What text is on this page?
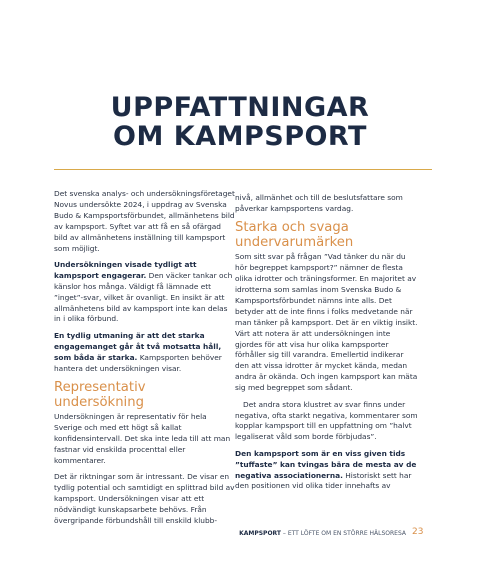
UPPFATTNINGAR
OM KAMPSPORT

Det svenska analys- och undersökningsföretaget Novus undersökte 2024, i uppdrag av Svenska Budo & Kampsportsförbundet, allmänhetens bild av kampsport. Syftet var att få en så ofärgad bild av allmänhetens inställning till kampsport som möjligt.

Undersökningen visade tydligt att kampsport engagerar. Den väcker tankar och känslor hos många. Väldigt få lämnade ett ”inget”-svar, vilket är ovanligt. En insikt är att allmänhetens bild av kampsport inte kan delas in i olika förbund.

En tydlig utmaning är att det starka engagemanget går åt två motsatta håll, som båda är starka. Kampsporten behöver hantera det undersökningen visar.

Representativ undersökning

Undersökningen är representativ för hela Sverige och med ett högt så kallat konfidensintervall. Det ska inte leda till att man fastnar vid enskilda procenttal eller kommentarer.

Det är riktningar som är intressant. De visar en tydlig potential och samtidigt en splittrad bild av kampsport. Undersökningen visar att ett nödvändigt kunskapsarbete behövs. Från övergripande förbundshåll till enskild klubb-

nivå, allmänhet och till de beslutsfattare som påverkar kampsportens vardag.

Starka och svaga undervarumärken

Som sitt svar på frågan ”Vad tänker du när du hör begreppet kampsport?” nämner de flesta olika idrotter och träningsformer. En majoritet av idrotterna som samlas inom Svenska Budo & Kampsportsförbundet nämns inte alls. Det betyder att de inte finns i folks medvetande när man tänker på kampsport. Det är en viktig insikt. Värt att notera är att undersökningen inte gjordes för att visa hur olika kampsporter förhåller sig till varandra. Emellertid indikerar den att vissa idrotter är mycket kända, medan andra är okända. Och ingen kampsport kan mäta sig med begreppet som sådant.

Det andra stora klustret av svar finns under negativa, ofta starkt negativa, kommentarer som kopplar kampsport till en uppfattning om ”halvt legaliserat våld som borde förbjudas”.

Den kampsport som är en viss given tids ”tuffaste” kan tvingas bära de mesta av de negativa associationerna. Historiskt sett har den positionen vid olika tider innehafts av

KAMPSPORT – ETT LÖFTE OM EN STÖRRE HÄLSORESA 23
